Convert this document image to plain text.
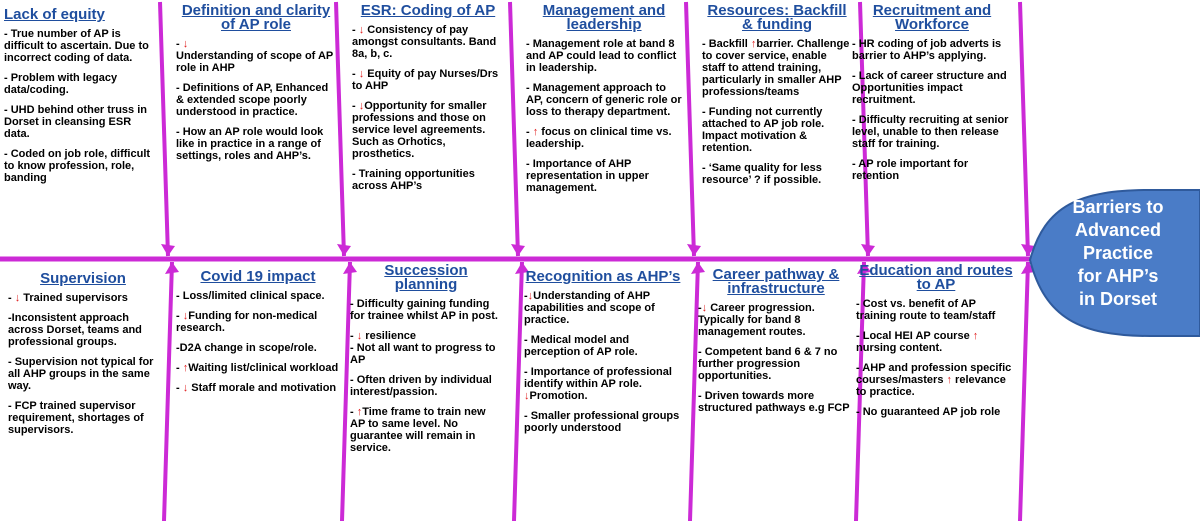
Barriers to
Advanced
Practice
for AHP’s
in Dorset
Lack of equity
- True number of AP is difficult to ascertain. Due to incorrect coding of data.
- Problem with legacy data/coding.
- UHD behind other truss in Dorset in cleansing ESR data.
- Coded on job role, difficult to know profession, role, banding
Definition and clarity of AP role
- ↓
Understanding of scope of AP role in AHP
- Definitions of AP, Enhanced & extended scope poorly understood in practice.
- How an AP role would look like in practice in a range of settings, roles and AHP’s.
ESR: Coding of AP
- ↓ Consistency of pay amongst consultants. Band 8a, b, c.
- ↓ Equity of pay Nurses/Drs to AHP
- ↓Opportunity for smaller professions and those on service level agreements. Such as Orhotics, prosthetics.
- Training opportunities across AHP’s
Management and leadership
- Management role at band 8 and AP could lead to conflict in leadership.
- Management approach to AP, concern of generic role or loss to therapy department.
- ↑ focus on clinical time vs. leadership.
- Importance of AHP representation in upper management.
Resources: Backfill & funding
- Backfill ↑barrier. Challenge to cover service, enable staff to attend training, particularly in smaller AHP professions/teams
- Funding not currently attached to AP job role. Impact motivation & retention.
- ‘Same quality for less resource’ ? if possible.
Recruitment and Workforce
- HR coding of job adverts is barrier to AHP’s applying.
- Lack of career structure and Opportunities impact recruitment.
- Difficulty recruiting at senior level, unable to then release staff for training.
- AP role important for retention
Supervision
- ↓ Trained supervisors
-Inconsistent approach across Dorset, teams and professional groups.
- Supervision not typical for all AHP groups in the same way.
- FCP trained supervisor requirement, shortages of supervisors.
Covid 19 impact
- Loss/limited clinical space.
- ↓Funding for non-medical research.
-D2A change in scope/role.
- ↑Waiting list/clinical workload
- ↓ Staff morale and motivation
Succession planning
- Difficulty gaining funding for trainee whilst AP in post.
- ↓ resilience
- Not all want to progress to AP
- Often driven by individual interest/passion.
- ↑Time frame to train new AP to same level. No guarantee will remain in service.
Recognition as AHP’s
-↓Understanding of AHP capabilities and scope of practice.
- Medical model and perception of AP role.
- Importance of professional identify within AP role. ↓Promotion.
- Smaller professional groups poorly understood
Career pathway & infrastructure
-↓ Career progression. Typically for band 8 management routes.
- Competent band 6 & 7 no further progression opportunities.
- Driven towards more structured pathways e.g FCP
Education and routes to AP
- Cost vs. benefit of AP training route to team/staff
- Local HEI AP course ↑ nursing content.
- AHP and profession specific courses/masters ↑ relevance to practice.
- No guaranteed AP job role
